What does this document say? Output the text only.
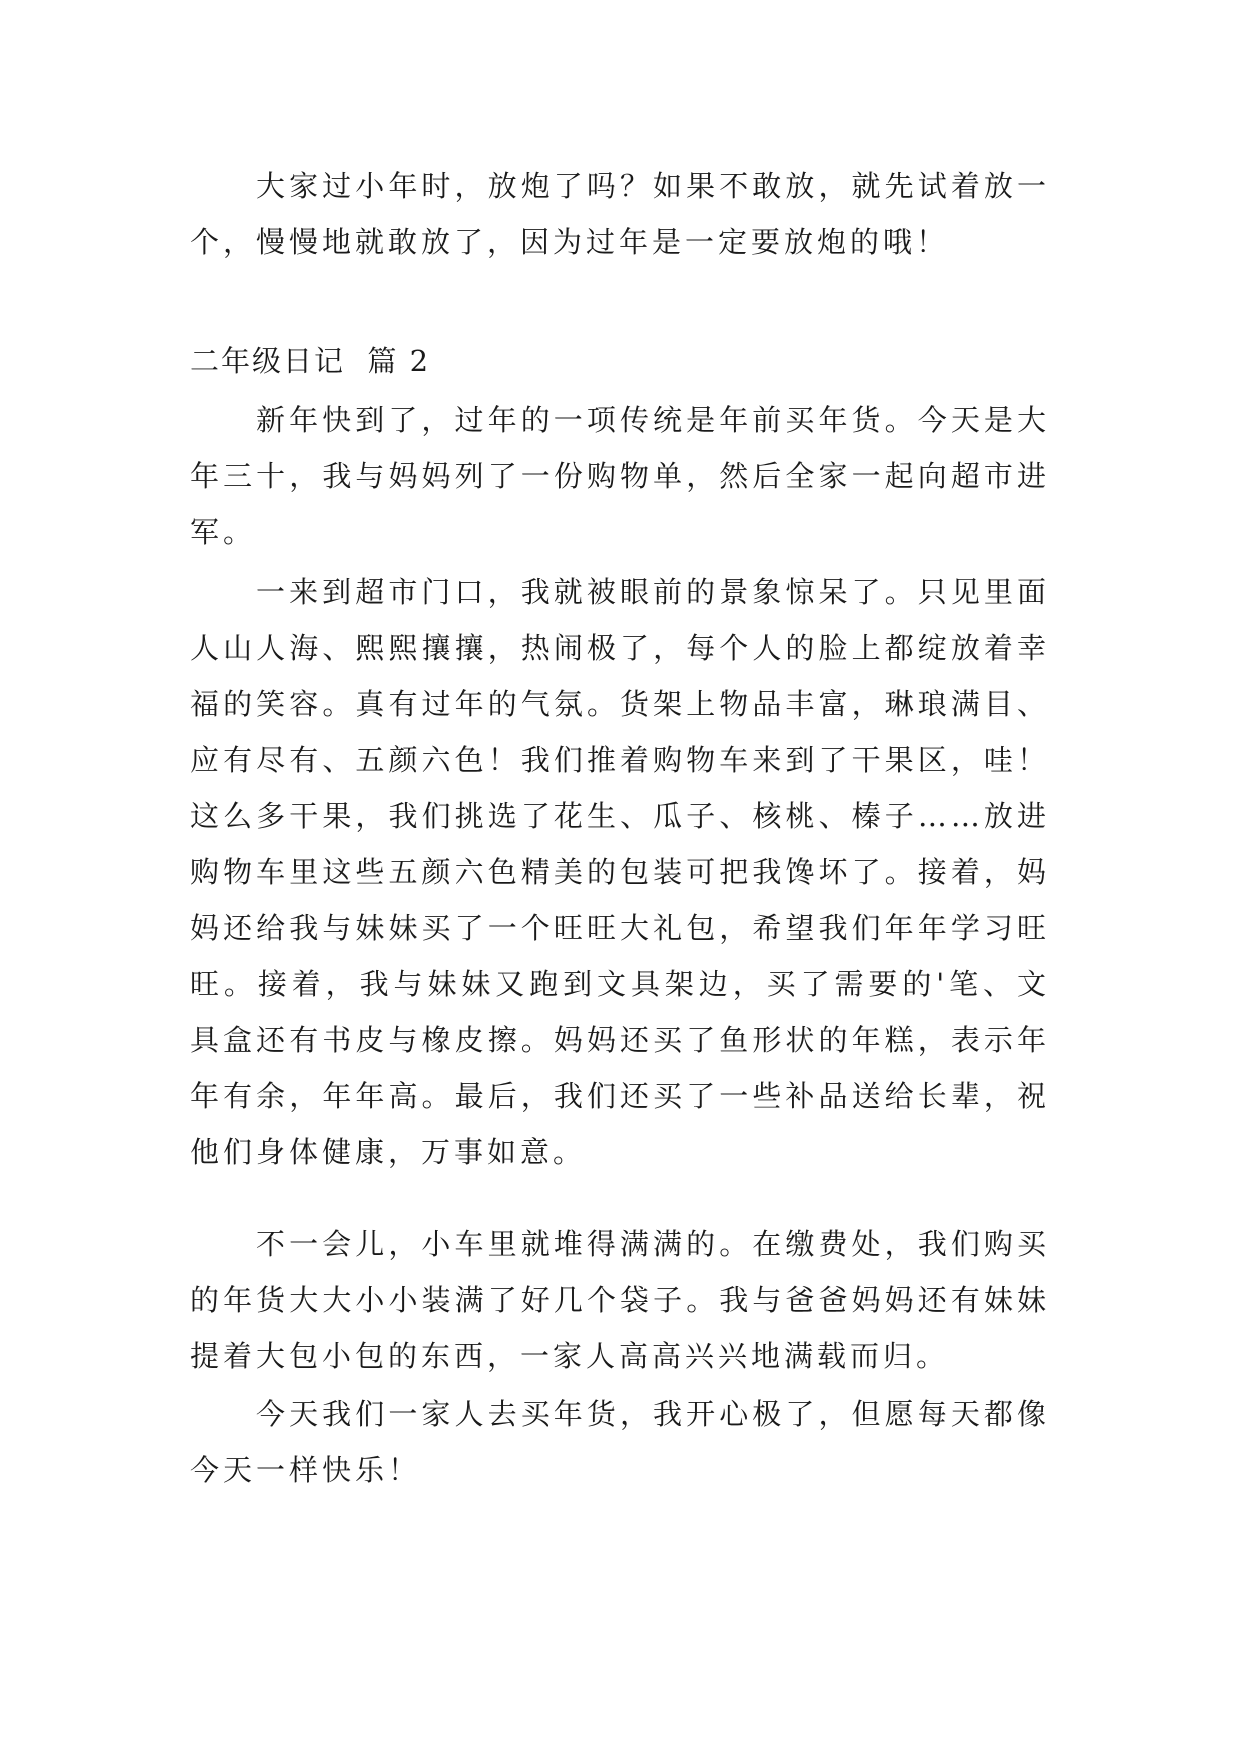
大家过小年时，放炮了吗？如果不敢放，就先试着放一个，慢慢地就敢放了，因为过年是一定要放炮的哦！

二年级日记  篇 2

新年快到了，过年的一项传统是年前买年货。今天是大年三十，我与妈妈列了一份购物单，然后全家一起向超市进军。

一来到超市门口，我就被眼前的景象惊呆了。只见里面人山人海、熙熙攘攘，热闹极了，每个人的脸上都绽放着幸福的笑容。真有过年的气氛。货架上物品丰富，琳琅满目、应有尽有、五颜六色！我们推着购物车来到了干果区，哇！这么多干果，我们挑选了花生、瓜子、核桃、榛子……放进购物车里这些五颜六色精美的包装可把我馋坏了。接着，妈妈还给我与妹妹买了一个旺旺大礼包，希望我们年年学习旺旺。接着，我与妹妹又跑到文具架边，买了需要的'笔、文具盒还有书皮与橡皮擦。妈妈还买了鱼形状的年糕，表示年年有余，年年高。最后，我们还买了一些补品送给长辈，祝他们身体健康，万事如意。

不一会儿，小车里就堆得满满的。在缴费处，我们购买的年货大大小小装满了好几个袋子。我与爸爸妈妈还有妹妹提着大包小包的东西，一家人高高兴兴地满载而归。

今天我们一家人去买年货，我开心极了，但愿每天都像今天一样快乐！
